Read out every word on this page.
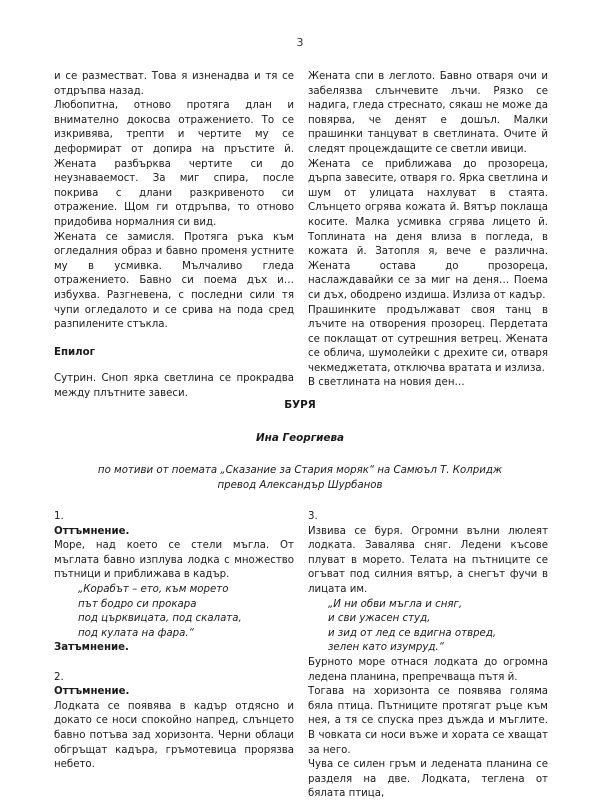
3

и се разместват. Това я изненадва и тя се отдръпва назад.

Любопитна, отново протяга длан и внимателно докосва отражението. То се изкривява, трепти и чертите му се деформират от допира на пръстите й. Жената разбърква чертите си до неузнаваемост. За миг спира, после покрива с длани разкривеното си отражение. Щом ги отдръпва, то отново придобива нормалния си вид.

Жената се замисля. Протяга ръка към огледалния образ и бавно променя устните му в усмивка. Мълчаливо гледа отражението. Бавно си поема дъх и… избухва. Разгневена, с последни сили тя чупи огледалото и се срива на пода сред разпилените стъкла.

Епилог

Сутрин. Сноп ярка светлина се прокрадва между плътните завеси.

Жената спи в леглото. Бавно отваря очи и забелязва слънчевите лъчи. Рязко се надига, гледа стреснато, сякаш не може да повярва, че денят е дошъл. Малки прашинки танцуват в светлината. Очите й следят процеждащите се светли ивици.

Жената се приближава до прозореца, дърпа завесите, отваря го. Ярка светлина и шум от улицата нахлуват в стаята. Слънцето огрява кожата й. Вятър поклаща косите. Малка усмивка сгрява лицето й. Топлината на деня влиза в погледа, в кожата й. Затопля я, вече е различна. Жената остава до прозореца, наслаждавайки се за миг на деня… Поема си дъх, ободрено издиша. Излиза от кадър.

Прашинките продължават своя танц в лъчите на отворения прозорец. Пердетата се поклащат от сутрешния ветрец. Жената се облича, шумолейки с дрехите си, отваря чекмеджетата, отключва вратата и излиза.

В светлината на новия ден…

БУРЯ
Ина Георгиева
по мотиви от поемата „Сказание за Стария моряк“ на Самюъл Т. Колридж
превод Александър Шурбанов

1.

Оттъмнение.

Море, над което се стели мъгла. От мъглата бавно изплува лодка с множество пътници и приближава в кадър.

„Корабът – ето, към морето

път бодро си прокара

под църквицата, под скалата,

под кулата на фара.“

Затъмнение.

2.

Оттъмнение.

Лодката се появява в кадър отдясно и докато се носи спокойно напред, слънцето бавно потъва зад хоризонта. Черни облаци обгръщат кадъра, гръмотевица прорязва небето.

3.

Извива се буря. Огромни вълни люлеят лодката. Завалява сняг. Ледени късове плуват в морето. Телата на пътниците се огъват под силния вятър, а снегът фучи в лицата им.

„И ни обви мъгла и сняг,

и сви ужасен студ,

и зид от лед се вдигна отвред,

зелен като изумруд.“

Бурното море отнася лодката до огромна ледена планина, препречваща пътя й.

Тогава на хоризонта се появява голяма бяла птица. Пътниците протягат ръце към нея, а тя се спуска през дъжда и мъглите. В човката си носи въже и хората се хващат за него.

Чува се силен гръм и ледената планина се разделя на две. Лодката, теглена от бялата птица,
